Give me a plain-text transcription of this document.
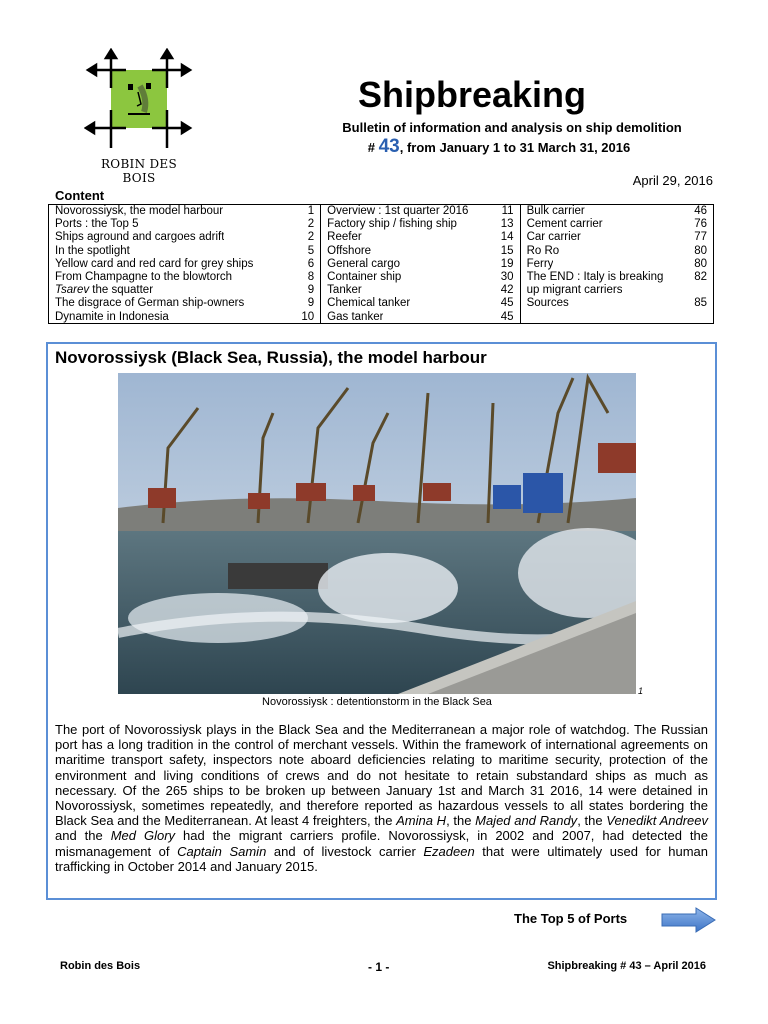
ROBIN DES BOIS
Shipbreaking
Bulletin of information and analysis on ship demolition
# 43, from January 1 to 31 March 31, 2016
April 29, 2016
Content
Novorossiysk, the model harbour	1
Ports : the Top 5	2
Ships aground and cargoes adrift	2
In the spotlight	5
Yellow card and red card for grey ships	6
From Champagne to the blowtorch	8
Tsarev the squatter	9
The disgrace of German ship-owners	9
Dynamite in Indonesia	10
Overview : 1st quarter 2016	11
Factory ship / fishing ship	13
Reefer	14
Offshore	15
General cargo	19
Container ship	30
Tanker	42
Chemical tanker	45
Gas tanker	45
Bulk carrier	46
Cement carrier	76
Car carrier	77
Ro Ro	80
Ferry	80
The END : Italy is breaking	82
up migrant carriers
Sources	85
Novorossiysk (Black Sea, Russia), the model harbour
1
Novorossiysk : detentionstorm in the Black Sea
The port of Novorossiysk plays in the Black Sea and the Mediterranean a major role of watchdog. The Russian port has a long tradition in the control of merchant vessels. Within the framework of international agreements on maritime transport safety, inspectors note aboard deficiencies relating to maritime security, protection of the environment and living conditions of crews and do not hesitate to retain substandard ships as much as necessary. Of the 265 ships to be broken up between January 1st and March 31 2016, 14 were detained in Novorossiysk, sometimes repeatedly, and therefore reported as hazardous vessels to all states bordering the Black Sea and the Mediterranean. At least 4 freighters, the Amina H, the Majed and Randy, the Venedikt Andreev and the Med Glory had the migrant carriers profile. Novorossiysk, in 2002 and 2007, had detected the mismanagement of Captain Samin and of livestock carrier Ezadeen that were ultimately used for human trafficking in October 2014 and January 2015.
The Top 5 of Ports
Robin des Bois	- 1 -	Shipbreaking # 43 – April 2016
